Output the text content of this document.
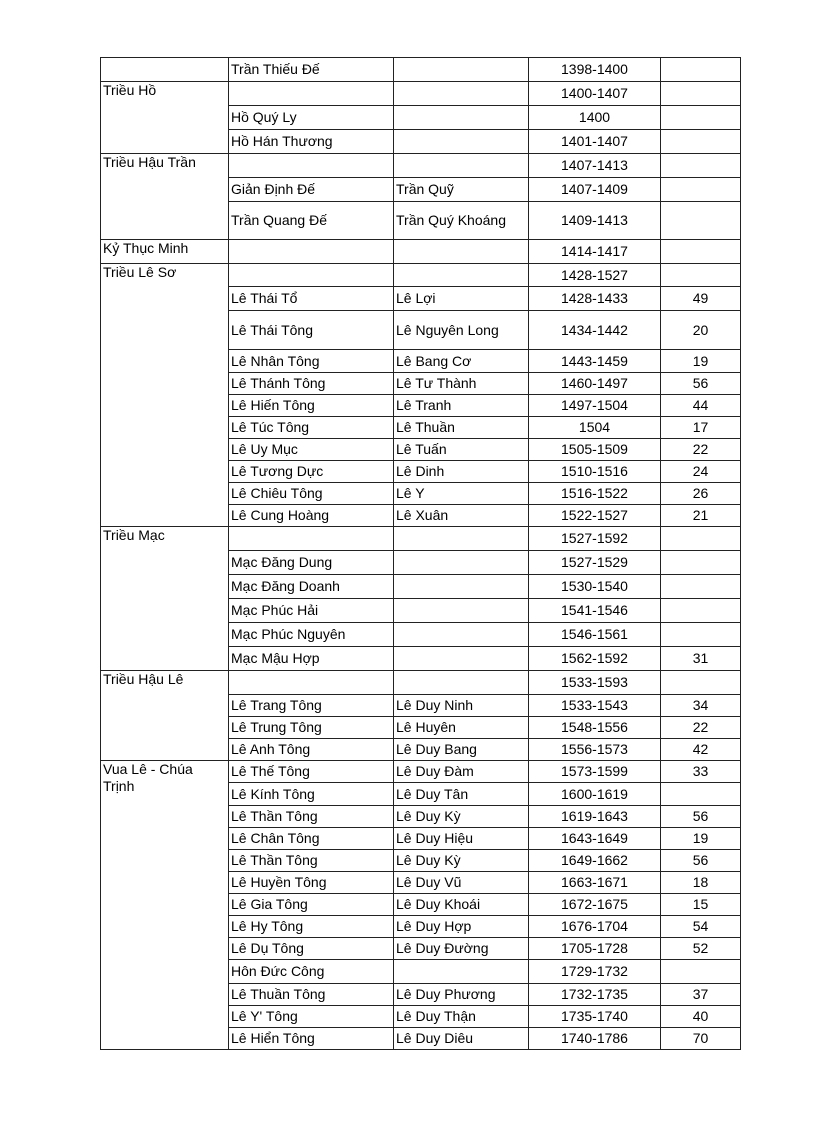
	Trần Thiếu Đế		1398-1400	
Triều Hồ			1400-1407	
	Hồ Quý Ly		1400	
	Hồ Hán Thương		1401-1407	
Triều Hậu Trần			1407-1413	
	Giản Định Đế	Trần Quỹ	1407-1409	
	Trần Quang Đế	Trần Quý Khoáng	1409-1413	
Kỷ Thục Minh			1414-1417	
Triều Lê Sơ			1428-1527	
	Lê Thái Tổ	Lê Lợi	1428-1433	49
	Lê Thái Tông	Lê Nguyên Long	1434-1442	20
	Lê Nhân Tông	Lê Bang Cơ	1443-1459	19
	Lê Thánh Tông	Lê Tư Thành	1460-1497	56
	Lê Hiến Tông	Lê Tranh	1497-1504	44
	Lê Túc Tông	Lê Thuần	1504	17
	Lê Uy Mục	Lê Tuấn	1505-1509	22
	Lê Tương Dực	Lê Dinh	1510-1516	24
	Lê Chiêu Tông	Lê Y	1516-1522	26
	Lê Cung Hoàng	Lê Xuân	1522-1527	21
Triều Mạc			1527-1592	
	Mạc Đăng Dung		1527-1529	
	Mạc Đăng Doanh		1530-1540	
	Mạc Phúc Hải		1541-1546	
	Mạc Phúc Nguyên		1546-1561	
	Mạc Mậu Hợp		1562-1592	31
Triều Hậu Lê			1533-1593	
	Lê Trang Tông	Lê Duy Ninh	1533-1543	34
	Lê Trung Tông	Lê Huyên	1548-1556	22
	Lê Anh Tông	Lê Duy Bang	1556-1573	42
Vua Lê - Chúa Trịnh	Lê Thế Tông	Lê Duy Đàm	1573-1599	33
	Lê Kính Tông	Lê Duy Tân	1600-1619	
	Lê Thần Tông	Lê Duy Kỳ	1619-1643	56
	Lê Chân Tông	Lê Duy Hiệu	1643-1649	19
	Lê Thần Tông	Lê Duy Kỳ	1649-1662	56
	Lê Huyền Tông	Lê Duy Vũ	1663-1671	18
	Lê Gia Tông	Lê Duy Khoái	1672-1675	15
	Lê Hy Tông	Lê Duy Hợp	1676-1704	54
	Lê Dụ Tông	Lê Duy Đường	1705-1728	52
	Hôn Đức Công		1729-1732	
	Lê Thuần Tông	Lê Duy Phương	1732-1735	37
	Lê Y' Tông	Lê Duy Thận	1735-1740	40
	Lê Hiển Tông	Lê Duy Diêu	1740-1786	70
